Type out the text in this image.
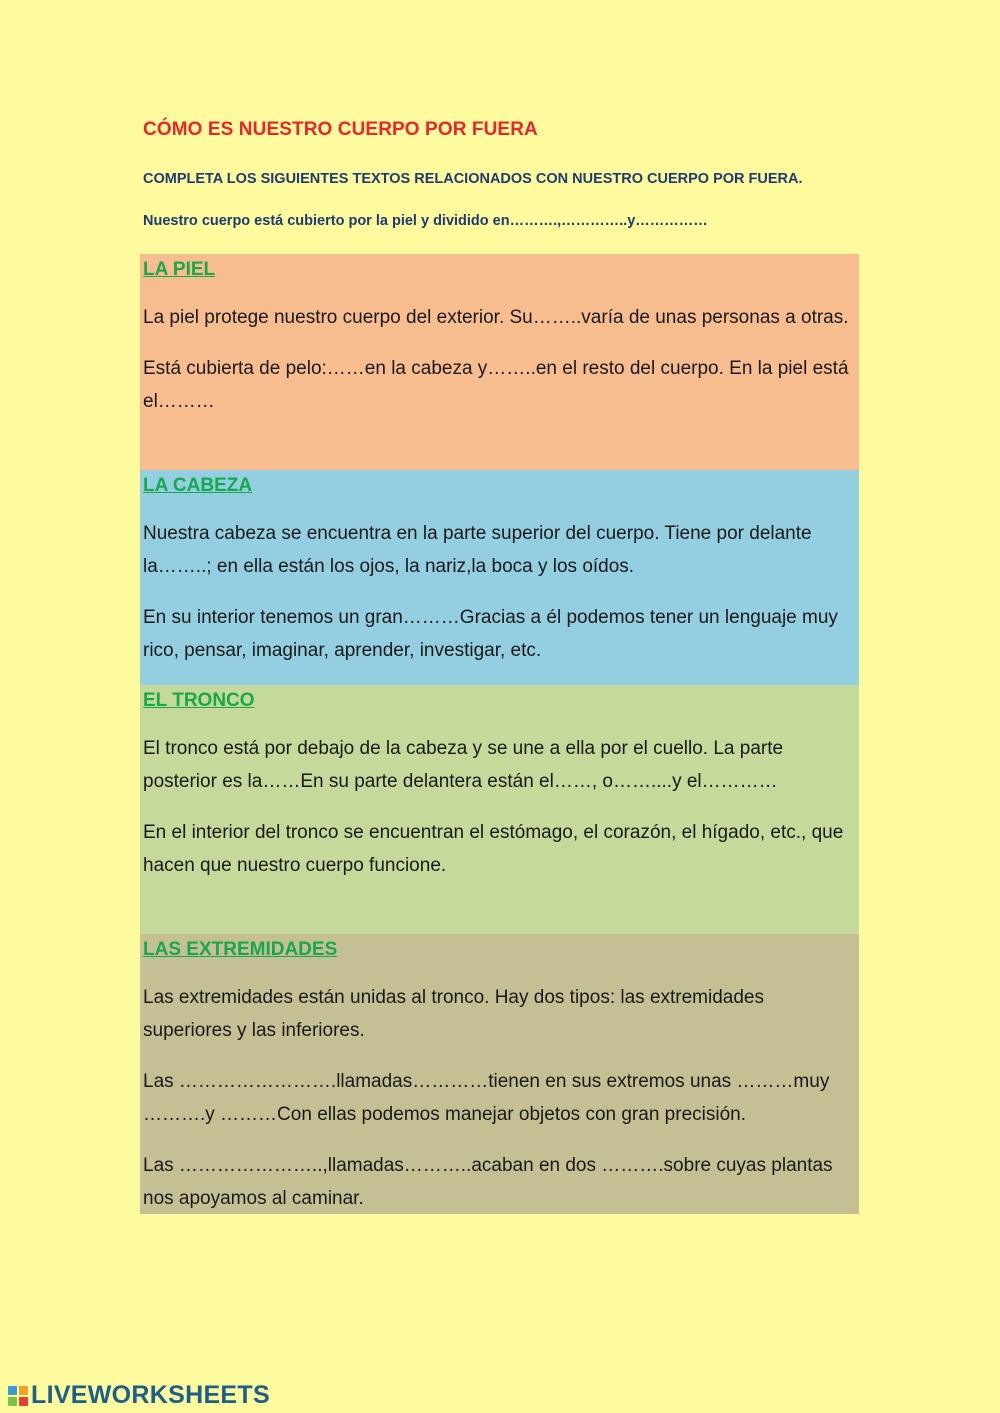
CÓMO ES NUESTRO CUERPO POR FUERA

COMPLETA LOS SIGUIENTES TEXTOS RELACIONADOS CON NUESTRO CUERPO POR FUERA.

Nuestro cuerpo está cubierto por la piel y dividido en……….,…………..y……………

LA PIEL

La piel protege nuestro cuerpo del exterior. Su……..varía de unas personas a otras.

Está cubierta de pelo:……en la cabeza y……..en el resto del cuerpo. En la piel está el………

LA CABEZA

Nuestra cabeza se encuentra en la parte superior del cuerpo. Tiene por delante la……..; en ella están los ojos, la nariz,la boca y los oídos.

En su interior tenemos un gran………Gracias a él podemos tener un lenguaje muy rico, pensar, imaginar, aprender, investigar, etc.

EL TRONCO

El tronco está por debajo de la cabeza y se une a ella por el cuello. La parte posterior es la……En su parte delantera están el……, o……....y el…………

En el interior del tronco se encuentran el estómago, el corazón, el hígado, etc., que hacen que nuestro cuerpo funcione.

LAS EXTREMIDADES

Las extremidades están unidas al tronco. Hay dos tipos: las extremidades superiores y las inferiores.

Las …………………….llamadas…………tienen en sus extremos unas ………muy ……….y ………Con ellas podemos manejar objetos con gran precisión.

Las …………………..,llamadas………..acaban en dos ……….sobre cuyas plantas nos apoyamos al caminar.

LIVEWORKSHEETS
